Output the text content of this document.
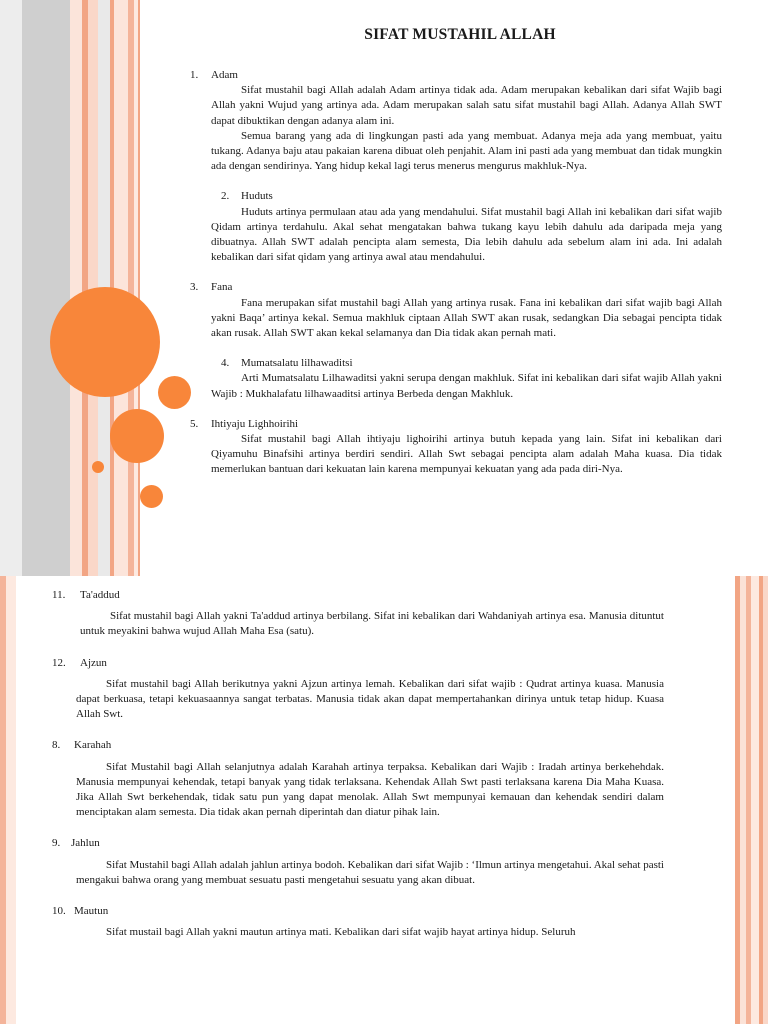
SIFAT MUSTAHIL ALLAH
1.	Adam

Sifat mustahil bagi Allah adalah Adam artinya tidak ada. Adam merupakan kebalikan dari sifat Wajib bagi Allah yakni Wujud yang artinya ada. Adam merupakan salah satu sifat mustahil bagi Allah. Adanya Allah SWT dapat dibuktikan dengan adanya alam ini.

Semua barang yang ada di lingkungan pasti ada yang membuat. Adanya meja ada yang membuat, yaitu tukang. Adanya baju atau pakaian karena dibuat oleh penjahit. Alam ini pasti ada yang membuat dan tidak mungkin ada dengan sendirinya. Yang hidup kekal lagi terus menerus mengurus makhluk-Nya.

2.	Huduts

Huduts artinya permulaan atau ada yang mendahului. Sifat mustahil bagi Allah ini kebalikan dari sifat wajib Qidam artinya terdahulu. Akal sehat mengatakan bahwa tukang kayu lebih dahulu ada daripada meja yang dibuatnya. Allah SWT adalah pencipta alam semesta, Dia lebih dahulu ada sebelum alam ini ada. Ini adalah kebalikan dari sifat qidam yang artinya awal atau mendahului.

3.	Fana

Fana merupakan sifat mustahil bagi Allah yang artinya rusak. Fana ini kebalikan dari sifat wajib bagi Allah yakni Baqa’ artinya kekal. Semua makhluk ciptaan Allah SWT akan rusak, sedangkan Dia sebagai pencipta tidak akan rusak. Allah SWT akan kekal selamanya dan Dia tidak akan pernah mati.

4.	Mumatsalatu lilhawaditsi

Arti Mumatsalatu Lilhawaditsi yakni serupa dengan makhluk. Sifat ini kebalikan dari sifat wajib Allah yakni Wajib : Mukhalafatu lilhawaaditsi artinya Berbeda dengan Makhluk.

5.	Ihtiyaju Lighhoirihi

Sifat mustahil bagi Allah ihtiyaju lighoirihi artinya butuh kepada yang lain. Sifat ini kebalikan dari Qiyamuhu Binafsihi artinya berdiri sendiri. Allah Swt sebagai pencipta alam adalah Maha kuasa. Dia tidak memerlukan bantuan dari kekuatan lain karena mempunyai kekuatan yang ada pada diri-Nya.

11.	Ta'addud

Sifat mustahil bagi Allah yakni Ta'addud artinya berbilang. Sifat ini kebalikan dari Wahdaniyah artinya esa. Manusia dituntut untuk meyakini bahwa wujud Allah Maha Esa (satu).

12.	Ajzun

Sifat mustahil bagi Allah berikutnya yakni Ajzun artinya lemah. Kebalikan dari sifat wajib : Qudrat artinya kuasa. Manusia dapat berkuasa, tetapi kekuasaannya sangat terbatas. Manusia tidak akan dapat mempertahankan dirinya untuk tetap hidup. Kuasa Allah Swt.

8.	Karahah

Sifat Mustahil bagi Allah selanjutnya adalah Karahah artinya terpaksa. Kebalikan dari Wajib : Iradah artinya berkehehdak. Manusia mempunyai kehendak, tetapi banyak yang tidak terlaksana. Kehendak Allah Swt pasti terlaksana karena Dia Maha Kuasa. Jika Allah Swt berkehendak, tidak satu pun yang dapat menolak. Allah Swt mempunyai kemauan dan kehendak sendiri dalam menciptakan alam semesta. Dia tidak akan pernah diperintah dan diatur pihak lain.

9. Jahlun

Sifat Mustahil bagi Allah adalah jahlun artinya bodoh. Kebalikan dari sifat Wajib : ‘Ilmun artinya mengetahui. Akal sehat pasti mengakui bahwa orang yang membuat sesuatu pasti mengetahui sesuatu yang akan dibuat.

10. Mautun

Sifat mustail bagi Allah yakni mautun artinya mati. Kebalikan dari sifat wajib hayat artinya hidup. Seluruh
